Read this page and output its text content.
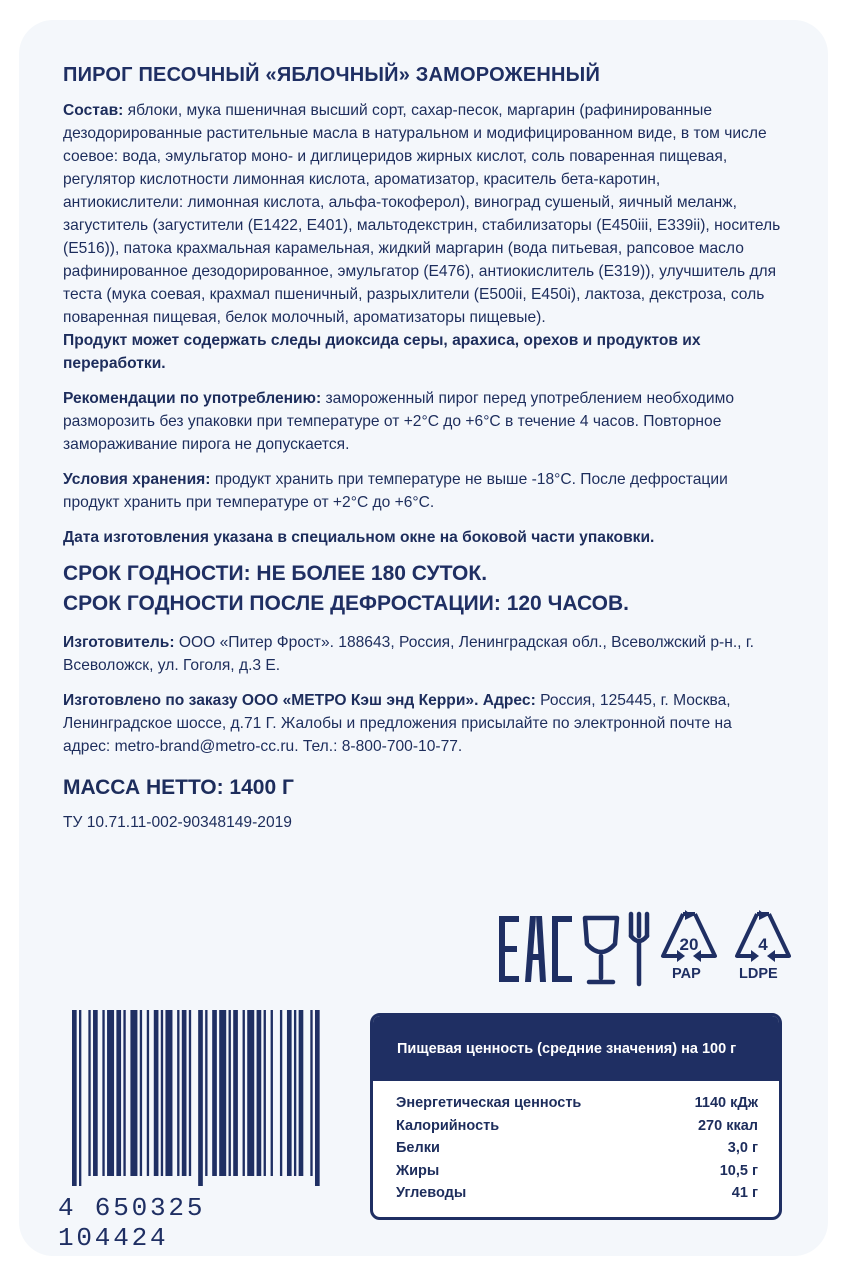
ПИРОГ ПЕСОЧНЫЙ «ЯБЛОЧНЫЙ» ЗАМОРОЖЕННЫЙ

Состав: яблоки, мука пшеничная высший сорт, сахар-песок, маргарин (рафинированные дезодорированные растительные масла в натуральном и модифицированном виде, в том числе соевое: вода, эмульгатор моно- и диглицеридов жирных кислот, соль поваренная пищевая, регулятор кислотности лимонная кислота, ароматизатор, краситель бета-каротин, антиокислители: лимонная кислота, альфа-токоферол), виноград сушеный, яичный меланж, загуститель (загустители (Е1422, Е401), мальтодекстрин, стабилизаторы (Е450iii, Е339ii), носитель (Е516)), патока крахмальная карамельная, жидкий маргарин (вода питьевая, рапсовое масло рафинированное дезодорированное, эмульгатор (Е476), антиокислитель (Е319)), улучшитель для теста (мука соевая, крахмал пшеничный, разрыхлители (Е500ii, Е450i), лактоза, декстроза, соль поваренная пищевая, белок молочный, ароматизаторы пищевые).

Продукт может содержать следы диоксида серы, арахиса, орехов и продуктов их переработки.

Рекомендации по употреблению: замороженный пирог перед употреблением необходимо разморозить без упаковки при температуре от +2°С до +6°С в течение 4 часов. Повторное замораживание пирога не допускается.

Условия хранения: продукт хранить при температуре не выше -18°С. После дефростации продукт хранить при температуре от +2°С до +6°С.

Дата изготовления указана в специальном окне на боковой части упаковки.

СРОК ГОДНОСТИ: НЕ БОЛЕЕ 180 СУТОК.
СРОК ГОДНОСТИ ПОСЛЕ ДЕФРОСТАЦИИ: 120 ЧАСОВ.

Изготовитель: ООО «Питер Фрост». 188643, Россия, Ленинградская обл., Всеволжский р-н., г. Всеволожск, ул. Гоголя, д.3 Е.

Изготовлено по заказу ООО «МЕТРО Кэш энд Керри». Адрес: Россия, 125445, г. Москва, Ленинградское шоссе, д.71 Г. Жалобы и предложения присылайте по электронной почте на адрес: metro-brand@metro-cc.ru. Тел.: 8-800-700-10-77.

МАССА НЕТТО: 1400 Г
ТУ 10.71.11-002-90348149-2019
20
PAP
4
LDPE
4 650325 104424
Пищевая ценность (средние значения) на 100 г
Энергетическая ценность	1140 кДж
Калорийность	270 ккал
Белки	3,0 г
Жиры	10,5 г
Углеводы	41 г
